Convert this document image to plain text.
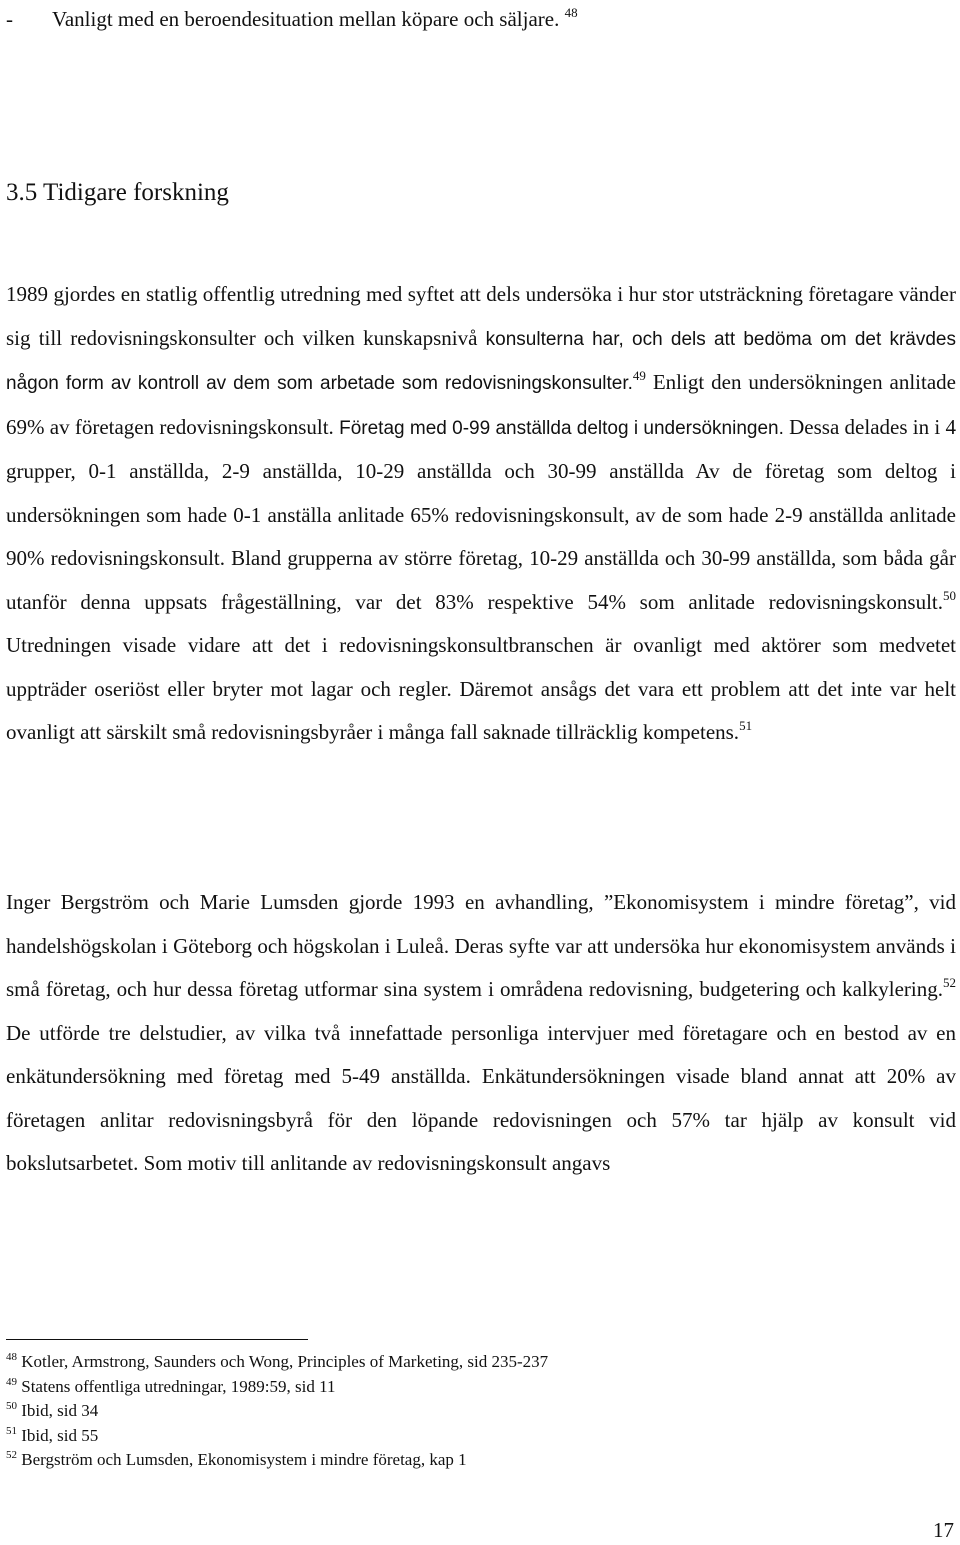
- Vanligt med en beroendesituation mellan köpare och säljare. $^{48}$
3.5 Tidigare forskning

1989 gjordes en statlig offentlig utredning med syftet att dels undersöka i hur stor utsträckning företagare vänder sig till redovisningskonsulter och vilken kunskapsnivå konsulterna har, och dels att bedöma om det krävdes någon form av kontroll av dem som arbetade som redovisningskonsulter.$^{49}$ Enligt den undersökningen anlitade 69% av företagen redovisningskonsult. Företag med 0-99 anställda deltog i undersökningen. Dessa delades in i 4 grupper, 0-1 anställda, 2-9 anställda, 10-29 anställda och 30-99 anställda Av de företag som deltog i undersökningen som hade 0-1 anställa anlitade 65% redovisningskonsult, av de som hade 2-9 anställda anlitade 90% redovisningskonsult. Bland grupperna av större företag, 10-29 anställda och 30-99 anställda, som båda går utanför denna uppsats frågeställning, var det 83% respektive 54% som anlitade redovisningskonsult.$^{50}$ Utredningen visade vidare att det i redovisningskonsultbranschen är ovanligt med aktörer som medvetet uppträder oseriöst eller bryter mot lagar och regler. Däremot ansågs det vara ett problem att det inte var helt ovanligt att särskilt små redovisningsbyråer i många fall saknade tillräcklig kompetens.$^{51}$

Inger Bergström och Marie Lumsden gjorde 1993 en avhandling, ”Ekonomisystem i mindre företag”, vid handelshögskolan i Göteborg och högskolan i Luleå. Deras syfte var att undersöka hur ekonomisystem används i små företag, och hur dessa företag utformar sina system i områdena redovisning, budgetering och kalkylering.$^{52}$ De utförde tre delstudier, av vilka två innefattade personliga intervjuer med företagare och en bestod av en enkätundersökning med företag med 5-49 anställda. Enkätundersökningen visade bland annat att 20% av företagen anlitar redovisningsbyrå för den löpande redovisningen och 57% tar hjälp av konsult vid bokslutsarbetet. Som motiv till anlitande av redovisningskonsult angavs

$^{48}$ Kotler, Armstrong, Saunders och Wong, Principles of Marketing, sid 235-237
$^{49}$ Statens offentliga utredningar, 1989:59, sid 11
$^{50}$ Ibid, sid 34
$^{51}$ Ibid, sid 55
$^{52}$ Bergström och Lumsden, Ekonomisystem i mindre företag, kap 1
17
